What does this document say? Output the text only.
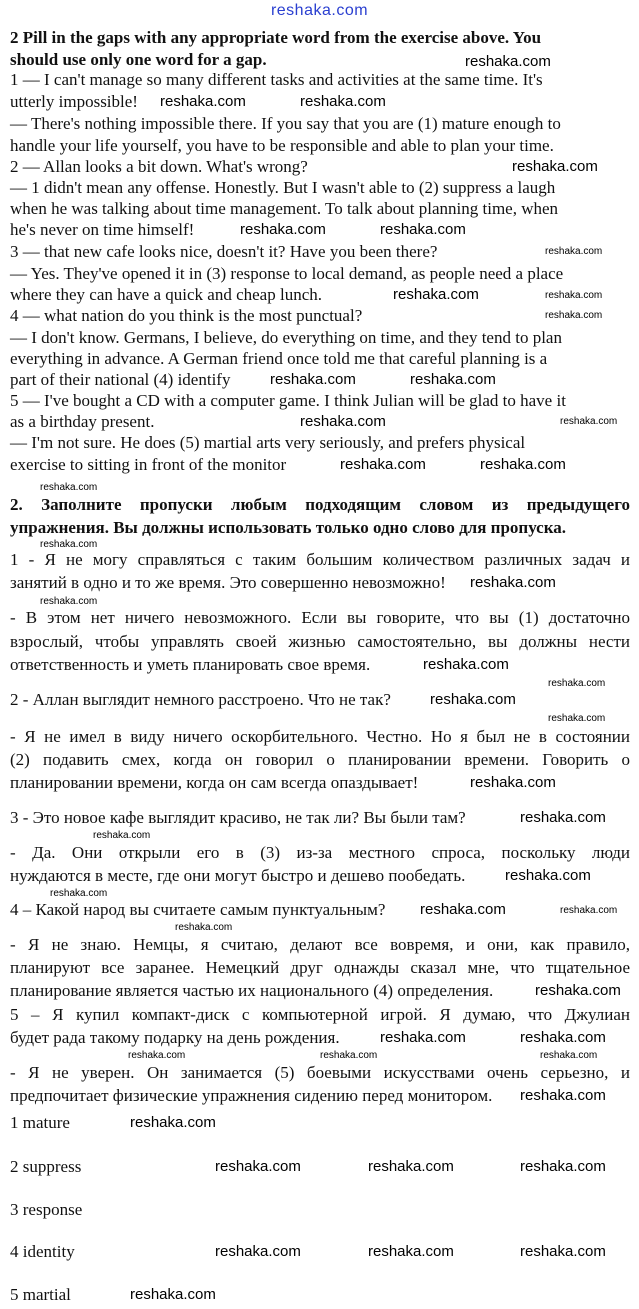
reshaka.com
2 Pill in the gaps with any appropriate word from the exercise above. You
should use only one word for a gap.
1 — I can't manage so many different tasks and activities at the same time. It's
utterly impossible!
— There's nothing impossible there. If you say that you are (1) mature enough to
handle your life yourself, you have to be responsible and able to plan your time.
2 — Allan looks a bit down. What's wrong?
— 1 didn't mean any offense. Honestly. But I wasn't able to (2) suppress a laugh
when he was talking about time management. To talk about planning time, when
he's never on time himself!
3 — that new cafe looks nice, doesn't it? Have you been there?
— Yes. They've opened it in (3) response to local demand, as people need a place
where they can have a quick and cheap lunch.
4 — what nation do you think is the most punctual?
— I don't know. Germans, I believe, do everything on time, and they tend to plan
everything in advance. A German friend once told me that careful planning is a
part of their national (4) identify
5 — I've bought a CD with a computer game. I think Julian will be glad to have it
as a birthday present.
— I'm not sure. He does (5) martial arts very seriously, and prefers physical
exercise to sitting in front of the monitor
2. Заполните пропуски любым подходящим словом из предыдущего
упражнения. Вы должны использовать только одно слово для пропуска.
1 - Я не могу справляться с таким большим количеством различных задач и
занятий в одно и то же время. Это совершенно невозможно!
- В этом нет ничего невозможного. Если вы говорите, что вы (1) достаточно
взрослый, чтобы управлять своей жизнью самостоятельно, вы должны нести
ответственность и уметь планировать свое время.
2 - Аллан выглядит немного расстроено. Что не так?
- Я не имел в виду ничего оскорбительного. Честно. Но я был не в состоянии
(2) подавить смех, когда он говорил о планировании времени. Говорить о
планировании времени, когда он сам всегда опаздывает!
3 - Это новое кафе выглядит красиво, не так ли? Вы были там?
- Да. Они открыли его в (3) из-за местного спроса, поскольку люди
нуждаются в месте, где они могут быстро и дешево пообедать.
4 – Какой народ вы считаете самым пунктуальным?
- Я не знаю. Немцы, я считаю, делают все вовремя, и они, как правило,
планируют все заранее. Немецкий друг однажды сказал мне, что тщательное
планирование является частью их национального (4) определения.
5 – Я купил компакт-диск с компьютерной игрой. Я думаю, что Джулиан
будет рада такому подарку на день рождения.
- Я не уверен. Он занимается (5) боевыми искусствами очень серьезно, и
предпочитает физические упражнения сидению перед монитором.
1 mature
2 suppress
3 response
4 identity
5 martial
reshaka.com
reshaka.com	reshaka.com
reshaka.com
reshaka.com	reshaka.com
reshaka.com
reshaka.com	reshaka.com
reshaka.com
reshaka.com	reshaka.com
reshaka.com	reshaka.com
reshaka.com	reshaka.com
reshaka.com
reshaka.com
reshaka.com
reshaka.com
reshaka.com
reshaka.com
reshaka.com
reshaka.com
reshaka.com
reshaka.com
reshaka.com
reshaka.com
reshaka.com
reshaka.com	reshaka.com
reshaka.com
reshaka.com
reshaka.com	reshaka.com
reshaka.com	reshaka.com	reshaka.com
reshaka.com
reshaka.com
reshaka.com	reshaka.com	reshaka.com
reshaka.com	reshaka.com	reshaka.com
reshaka.com
